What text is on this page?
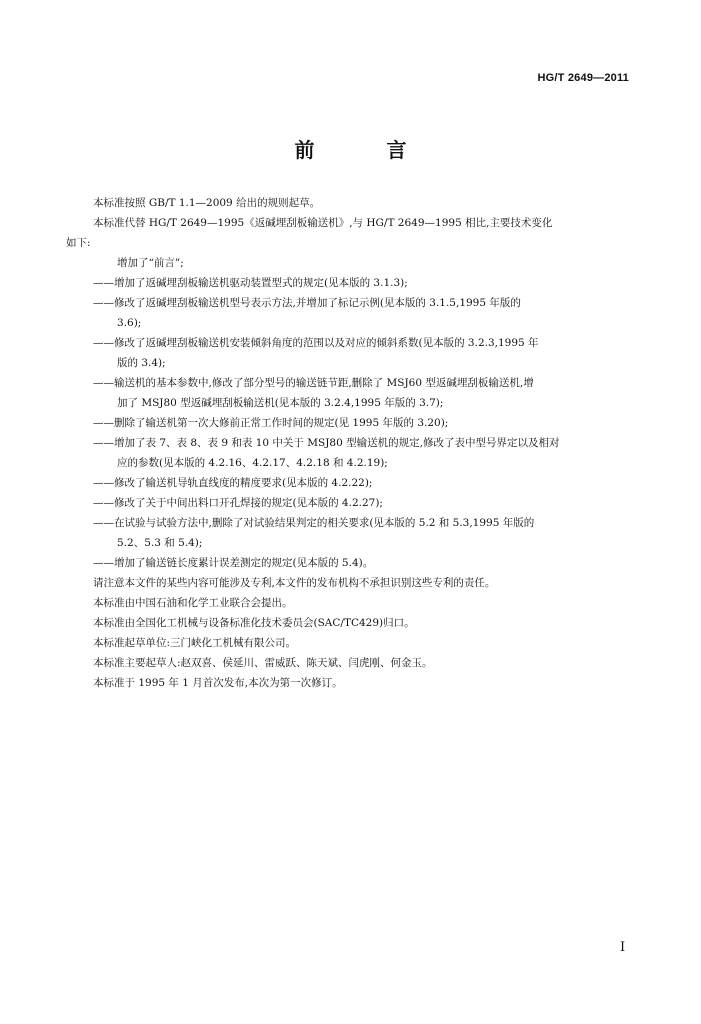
HG/T 2649—2011
前　言
本标准按照 GB/T 1.1—2009 给出的规则起草。
本标准代替 HG/T 2649—1995《返碱埋刮板输送机》,与 HG/T 2649—1995 相比,主要技术变化
如下:
增加了“前言”;
——增加了返碱埋刮板输送机驱动装置型式的规定(见本版的 3.1.3);
——修改了返碱埋刮板输送机型号表示方法,并增加了标记示例(见本版的 3.1.5,1995 年版的
3.6);
——修改了返碱埋刮板输送机安装倾斜角度的范围以及对应的倾斜系数(见本版的 3.2.3,1995 年
版的 3.4);
——输送机的基本参数中,修改了部分型号的输送链节距,删除了 MSJ60 型返碱埋刮板输送机,增
加了 MSJ80 型返碱埋刮板输送机(见本版的 3.2.4,1995 年版的 3.7);
——删除了输送机第一次大修前正常工作时间的规定(见 1995 年版的 3.20);
——增加了表 7、表 8、表 9 和表 10 中关于 MSJ80 型输送机的规定,修改了表中型号界定以及相对
应的参数(见本版的 4.2.16、4.2.17、4.2.18 和 4.2.19);
——修改了输送机导轨直线度的精度要求(见本版的 4.2.22);
——修改了关于中间出料口开孔焊接的规定(见本版的 4.2.27);
——在试验与试验方法中,删除了对试验结果判定的相关要求(见本版的 5.2 和 5.3,1995 年版的
5.2、5.3 和 5.4);
——增加了输送链长度累计误差测定的规定(见本版的 5.4)。
请注意本文件的某些内容可能涉及专利,本文件的发布机构不承担识别这些专利的责任。
本标准由中国石油和化学工业联合会提出。
本标准由全国化工机械与设备标准化技术委员会(SAC/TC429)归口。
本标准起草单位:三门峡化工机械有限公司。
本标准主要起草人:赵双喜、侯延川、雷威跃、陈天斌、闫虎刚、何金玉。
本标准于 1995 年 1 月首次发布,本次为第一次修订。
I
